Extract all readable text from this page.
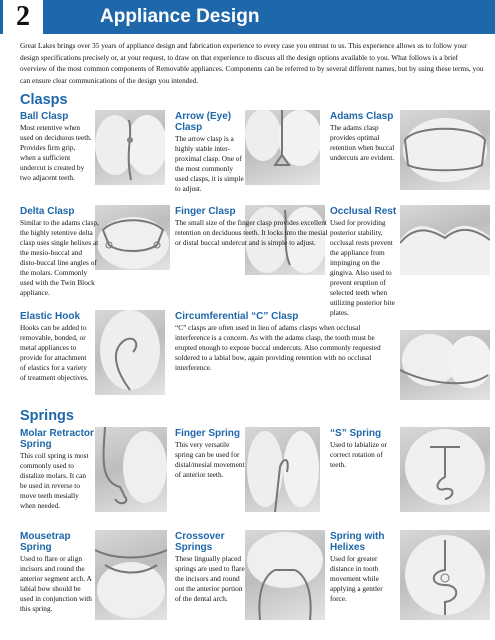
2	Appliance Design

Great Lakes brings over 35 years of appliance design and fabrication experience to every case you entrust to us. This experience allows us to follow your design specifications precisely or, at your request, to draw on that experience to discuss all the design options available to you. What follows is a brief overview of the most common components of Removable appliances. Components can be referred to by several different names, but by using these terms, you can ensure clear communications of the design you intended.

Clasps
Ball Clasp

Most retentive when used on deciduous teeth. Provides firm grip, when a sufficient undercut is created by two adjacent teeth.

Arrow (Eye) Clasp

The arrow clasp is a highly stable inter-proximal clasp. One of the most commonly used clasps, it is simple to adjust.

Adams Clasp

The adams clasp provides optimal retention when buccal undercuts are evident.

Delta Clasp

Similar to the adams clasp, the highly retentive delta clasp uses single helixes at the mesio-buccal and disto-buccal line angles of the molars. Commonly used with the Twin Block appliance.

Finger Clasp

The small size of the finger clasp provides excellent retention on deciduous teeth. It locks into the mesial or distal buccal undercut and is simple to adjust.

Occlusal Rest

Used for providing posterior stability, occlusal rests prevent the appliance from impinging on the gingiva. Also used to prevent eruption of selected teeth when utilizing posterior bite plates.

Elastic Hook

Hooks can be added to removable, bonded, or metal appliances to provide for attachment of elastics for a variety of treatment objectives.

Circumferential “C” Clasp

“C” clasps are often used in lieu of adams clasps when occlusal interference is a concern. As with the adams clasp, the tooth must be erupted enough to expose buccal undercuts. Also commonly requested soldered to a labial bow, again providing retention with no occlusal interference.

Springs
Molar Retractor Spring

This coil spring is most commonly used to distalize molars. It can be used in reverse to move teeth mesially when needed.

Finger Spring

This very versatile spring can be used for distal/mesial movement of anterior teeth.

“S” Spring

Used to labialize or correct rotation of teeth.

Mousetrap Spring

Used to flare or align incisors and round the anterior segment arch. A labial bow should be used in conjunction with this spring.

Crossover Springs

These lingually placed springs are used to flare the incisors and round out the anterior portion of the dental arch.

Spring with Helixes

Used for greater distance in tooth movement while applying a gentler force.
